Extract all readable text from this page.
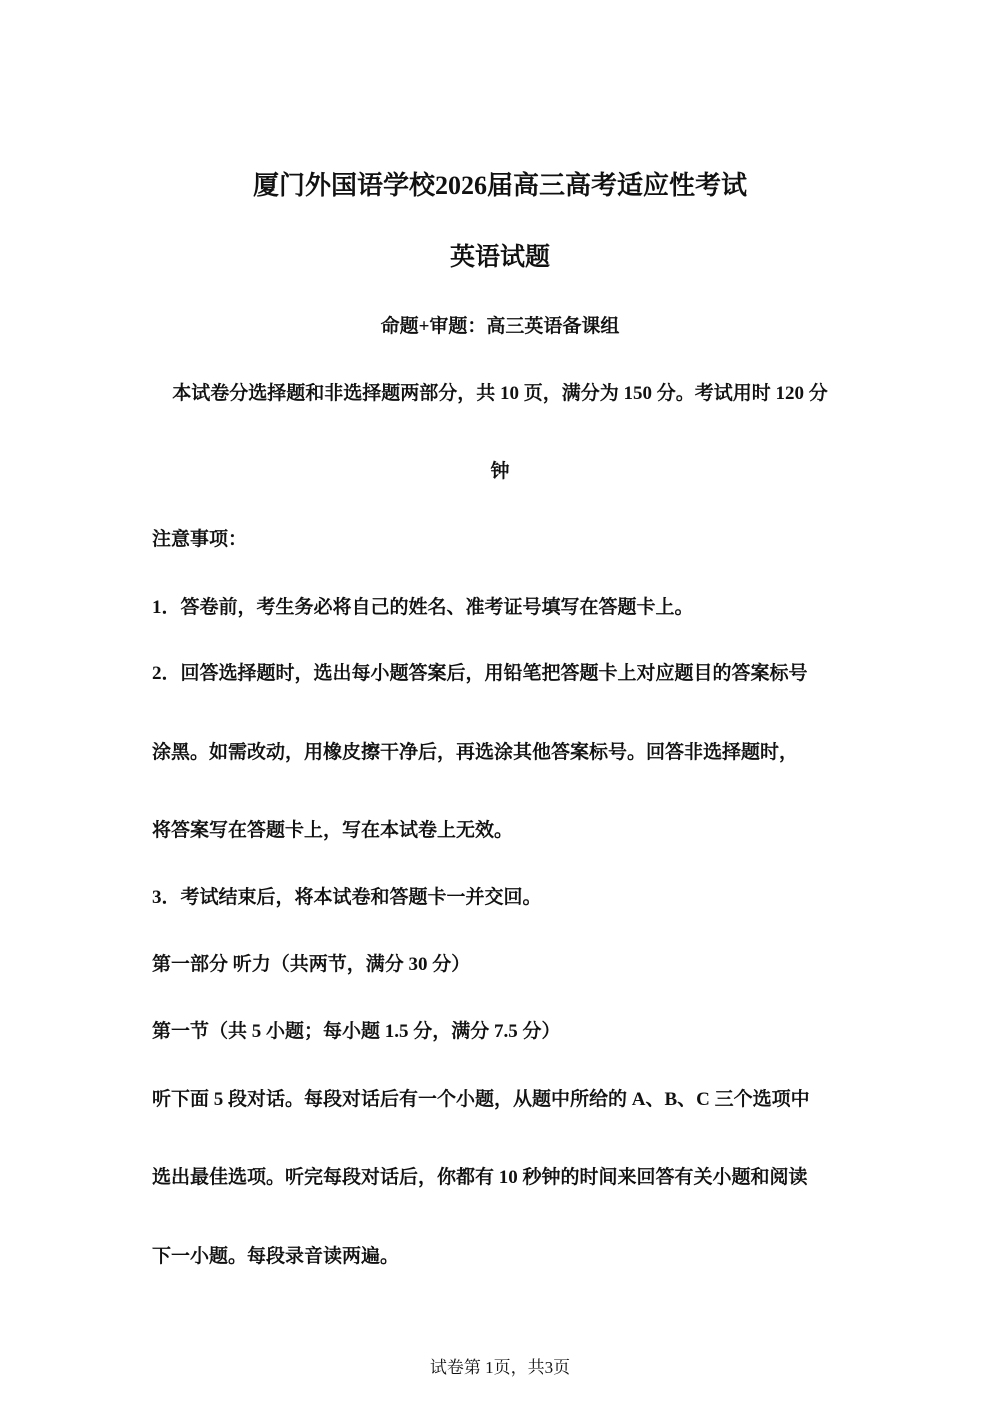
厦门外国语学校2026届高三高考适应性考试
英语试题
命题+审题：高三英语备课组
本试卷分选择题和非选择题两部分，共 10 页，满分为 150 分。考试用时 120 分
钟
注意事项：
1．答卷前，考生务必将自己的姓名、准考证号填写在答题卡上。
2．回答选择题时，选出每小题答案后，用铅笔把答题卡上对应题目的答案标号
涂黑。如需改动，用橡皮擦干净后，再选涂其他答案标号。回答非选择题时，
将答案写在答题卡上，写在本试卷上无效。
3．考试结束后，将本试卷和答题卡一并交回。
第一部分 听力（共两节，满分 30 分）
第一节（共 5 小题；每小题 1.5 分，满分 7.5 分）
听下面 5 段对话。每段对话后有一个小题，从题中所给的 A、B、C 三个选项中
选出最佳选项。听完每段对话后，你都有 10 秒钟的时间来回答有关小题和阅读
下一小题。每段录音读两遍。
试卷第 1页，共3页
